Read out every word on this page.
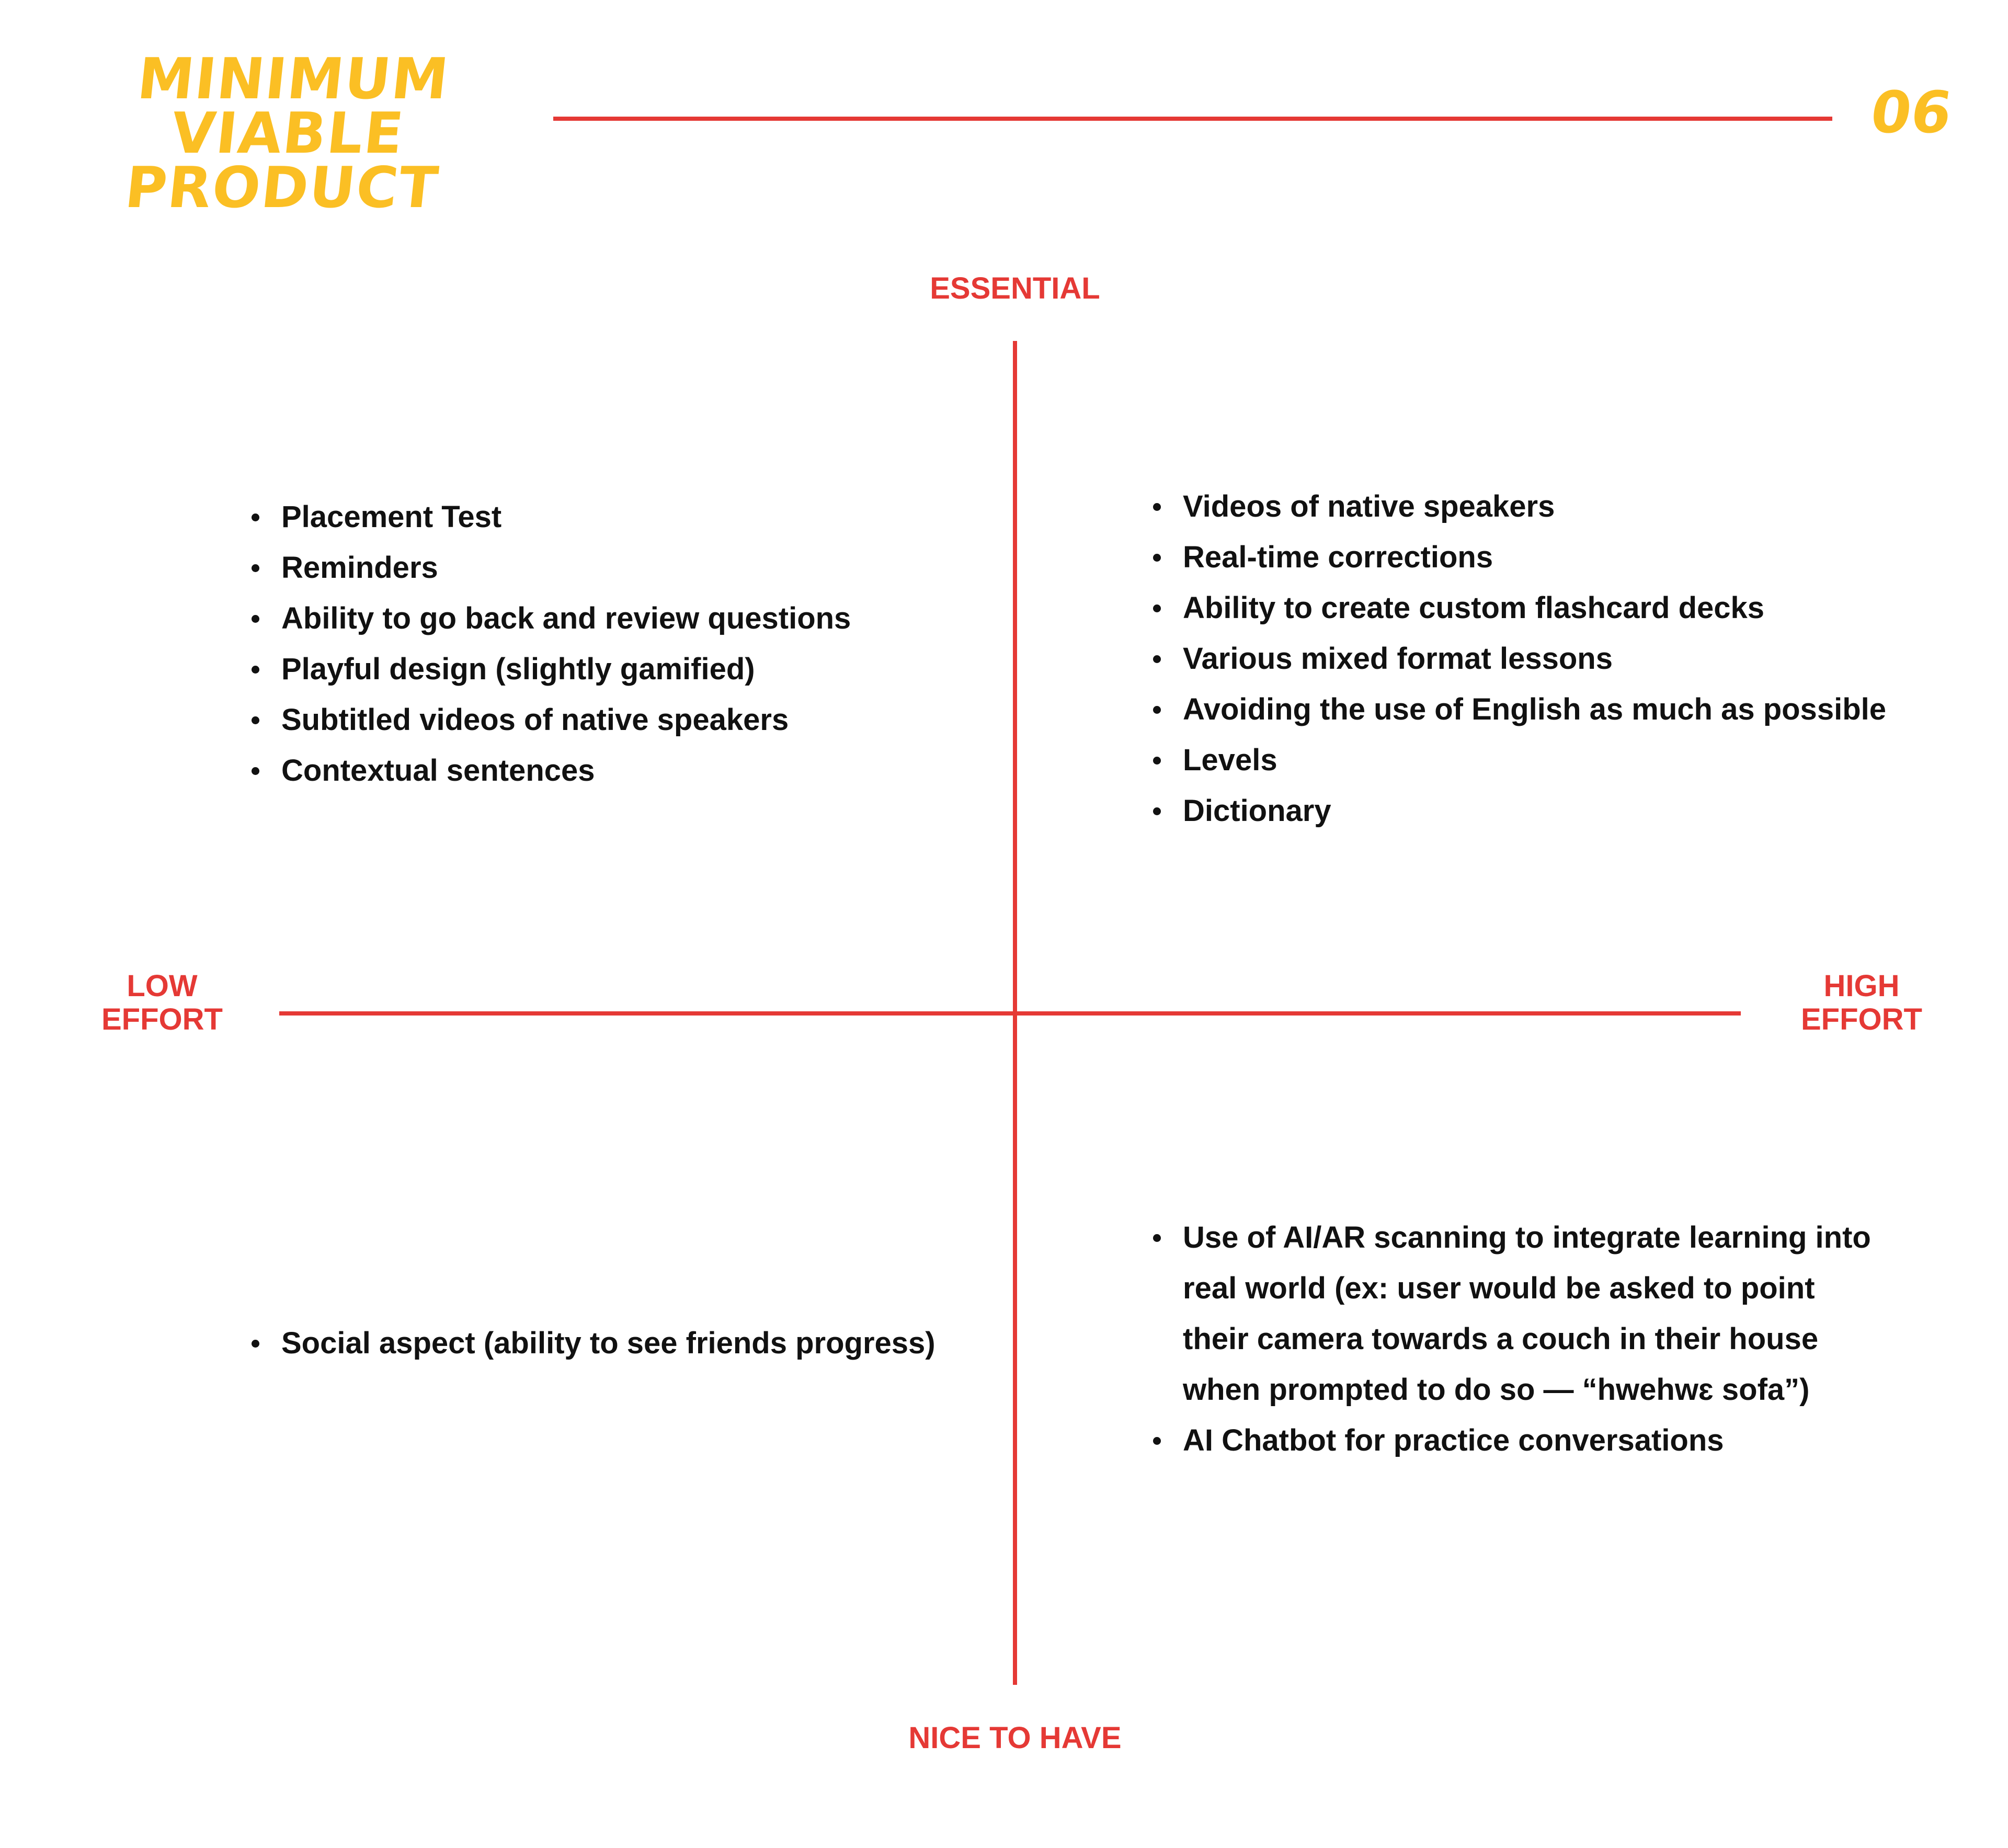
MINIMUM VIABLE
PRODUCT
06
ESSENTIAL
NICE TO HAVE
LOW
EFFORT
HIGH
EFFORT
Placement Test
Reminders
Ability to go back and review questions
Playful design (slightly gamified)
Subtitled videos of native speakers
Contextual sentences
Videos of native speakers
Real-time corrections
Ability to create custom flashcard decks
Various mixed format lessons
Avoiding the use of English as much as possible
Levels
Dictionary
Social aspect (ability to see friends progress)
Use of AI/AR scanning to integrate learning into real world (ex: user would be asked to point their camera towards a couch in their house when prompted to do so — “hwehwɛ sofa”)
AI Chatbot for practice conversations
